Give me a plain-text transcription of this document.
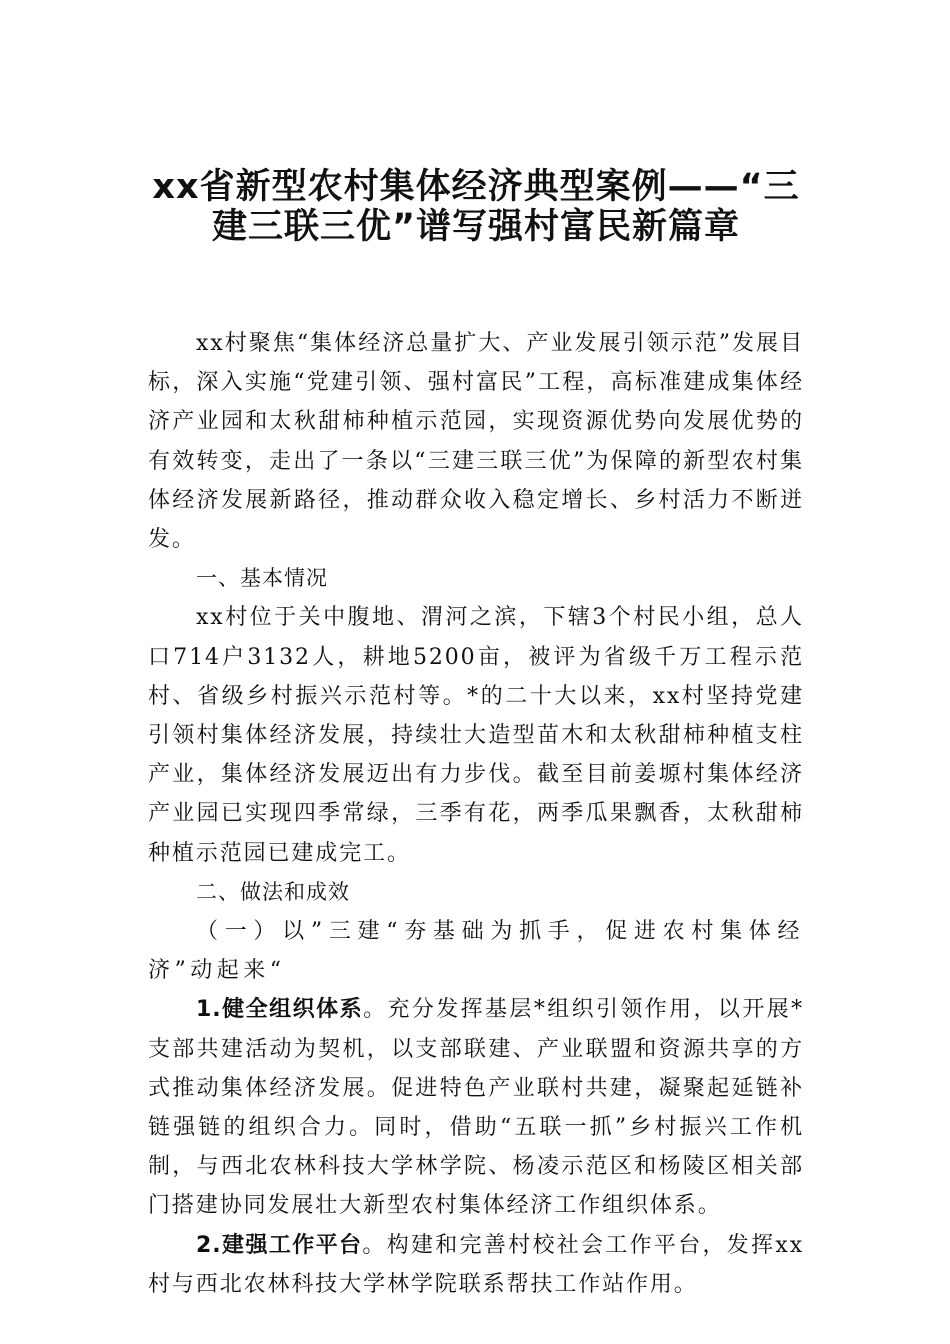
xx省新型农村集体经济典型案例——“三
建三联三优”谱写强村富民新篇章

xx村聚焦“集体经济总量扩大、产业发展引领示范”发展目标，深入实施“党建引领、强村富民”工程，高标准建成集体经济产业园和太秋甜柿种植示范园，实现资源优势向发展优势的有效转变，走出了一条以“三建三联三优”为保障的新型农村集体经济发展新路径，推动群众收入稳定增长、乡村活力不断迸发。

一、基本情况

xx村位于关中腹地、渭河之滨，下辖3个村民小组，总人口714户3132人，耕地5200亩，被评为省级千万工程示范村、省级乡村振兴示范村等。*的二十大以来，xx村坚持党建引领村集体经济发展，持续壮大造型苗木和太秋甜柿种植支柱产业，集体经济发展迈出有力步伐。截至目前姜塬村集体经济产业园已实现四季常绿，三季有花，两季瓜果飘香，太秋甜柿种植示范园已建成完工。

二、做法和成效

（一）以”三建“夯基础为抓手，促进农村集体经济”动起来“

1.健全组织体系。充分发挥基层*组织引领作用，以开展*支部共建活动为契机，以支部联建、产业联盟和资源共享的方式推动集体经济发展。促进特色产业联村共建，凝聚起延链补链强链的组织合力。同时，借助“五联一抓”乡村振兴工作机制，与西北农林科技大学林学院、杨凌示范区和杨陵区相关部门搭建协同发展壮大新型农村集体经济工作组织体系。

2.建强工作平台。构建和完善村校社会工作平台，发挥xx村与西北农林科技大学林学院联系帮扶工作站作用。
